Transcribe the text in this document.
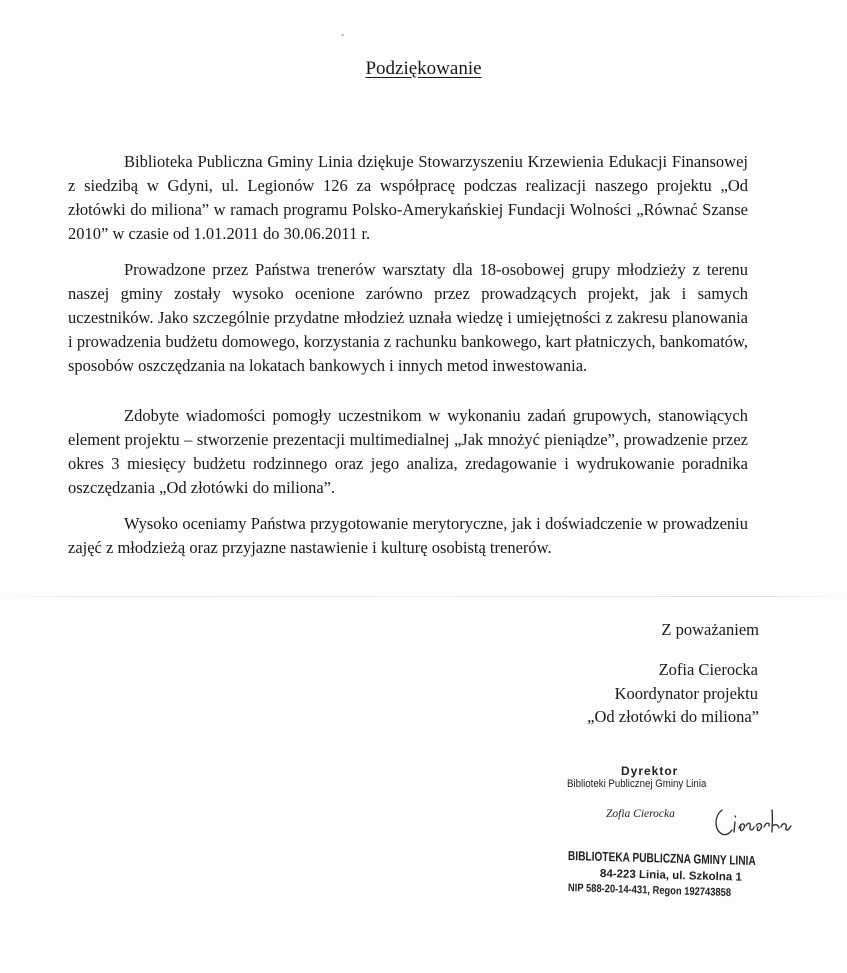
Podziękowanie

Biblioteka Publiczna Gminy Linia dziękuje Stowarzyszeniu Krzewienia Edukacji Finansowej z siedzibą w Gdyni, ul. Legionów 126 za współpracę podczas realizacji naszego projektu „Od złotówki do miliona” w ramach programu Polsko-Amerykańskiej Fundacji Wolności „Równać Szanse 2010” w czasie od 1.01.2011 do 30.06.2011 r.

Prowadzone przez Państwa trenerów warsztaty dla 18-osobowej grupy młodzieży z terenu naszej gminy zostały wysoko ocenione zarówno przez prowadzących projekt, jak i samych uczestników. Jako szczególnie przydatne młodzież uznała wiedzę i umiejętności z zakresu planowania i prowadzenia budżetu domowego, korzystania z rachunku bankowego, kart płatniczych, bankomatów, sposobów oszczędzania na lokatach bankowych i innych metod inwestowania.

Zdobyte wiadomości pomogły uczestnikom w wykonaniu zadań grupowych, stanowiących element projektu – stworzenie prezentacji multimedialnej „Jak mnożyć pieniądze”, prowadzenie przez okres 3 miesięcy budżetu rodzinnego oraz jego analiza, zredagowanie i wydrukowanie poradnika oszczędzania „Od złotówki do miliona”.

Wysoko oceniamy Państwa przygotowanie merytoryczne, jak i doświadczenie w prowadzeniu zajęć z młodzieżą oraz przyjazne nastawienie i kulturę osobistą trenerów.

Z poważaniem
Zofia Cierocka
Koordynator projektu
„Od złotówki do miliona”
Dyrektor
Biblioteki Publicznej Gminy Linia
Zofia Cierocka
BIBLIOTEKA PUBLICZNA GMINY LINIA
84-223 Linia, ul. Szkolna 1
NIP 588-20-14-431, Regon 192743858
